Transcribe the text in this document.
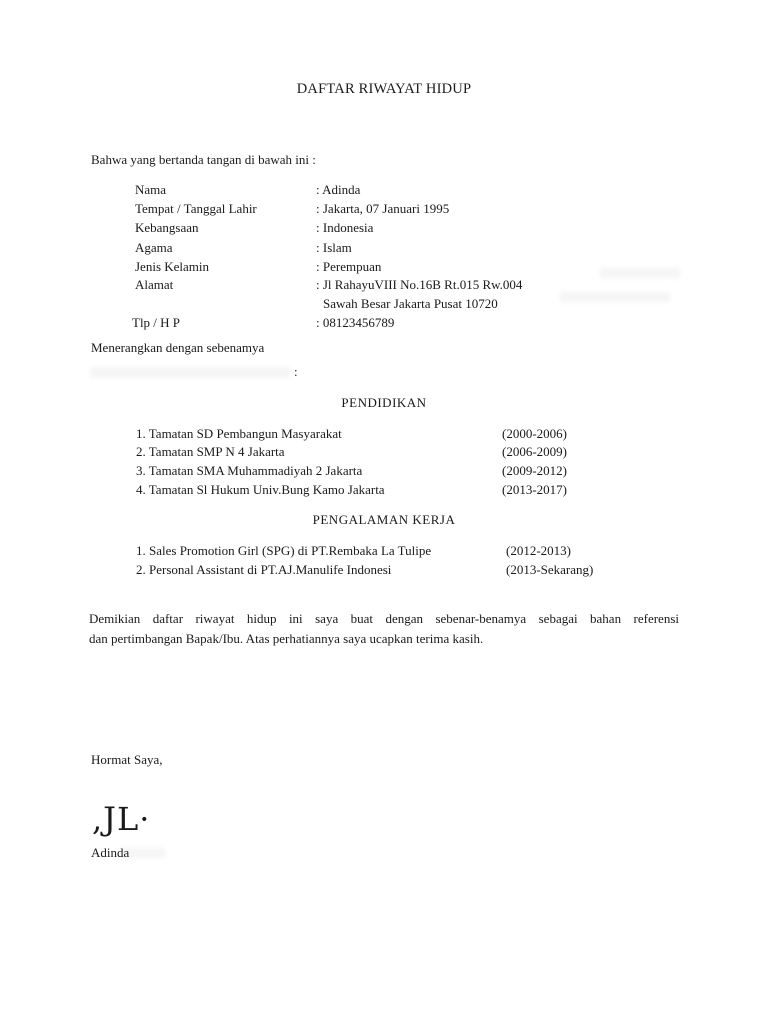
DAFTAR RIWAYAT HIDUP
Bahwa yang bertanda tangan di bawah ini :
Nama	: Adinda
Tempat / Tanggal Lahir	: Jakarta, 07 Januari 1995
Kebangsaan	: Indonesia
Agama	: Islam
Jenis Kelamin	: Perempuan
Alamat	: Jl RahayuVIII No.16B Rt.015 Rw.004
Sawah Besar Jakarta Pusat 10720
Tlp / H P	: 08123456789
Menerangkan dengan sebenamya
:
PENDIDIKAN
1. Tamatan SD Pembangun Masyarakat	(2000-2006)
2. Tamatan SMP N 4 Jakarta	(2006-2009)
3. Tamatan SMA Muhammadiyah 2 Jakarta	(2009-2012)
4. Tamatan Sl Hukum Univ.Bung Kamo Jakarta	(2013-2017)
PENGALAMAN KERJA
1. Sales Promotion Girl (SPG) di PT.Rembaka La Tulipe	(2012-2013)
2. Personal Assistant di PT.AJ.Manulife Indonesi	(2013-Sekarang)
Demikian daftar riwayat hidup ini saya buat dengan sebenar-benamya sebagai bahan referensi
dan pertimbangan Bapak/Ibu. Atas perhatiannya saya ucapkan terima kasih.
Hormat Saya,
,JL·
Adinda
